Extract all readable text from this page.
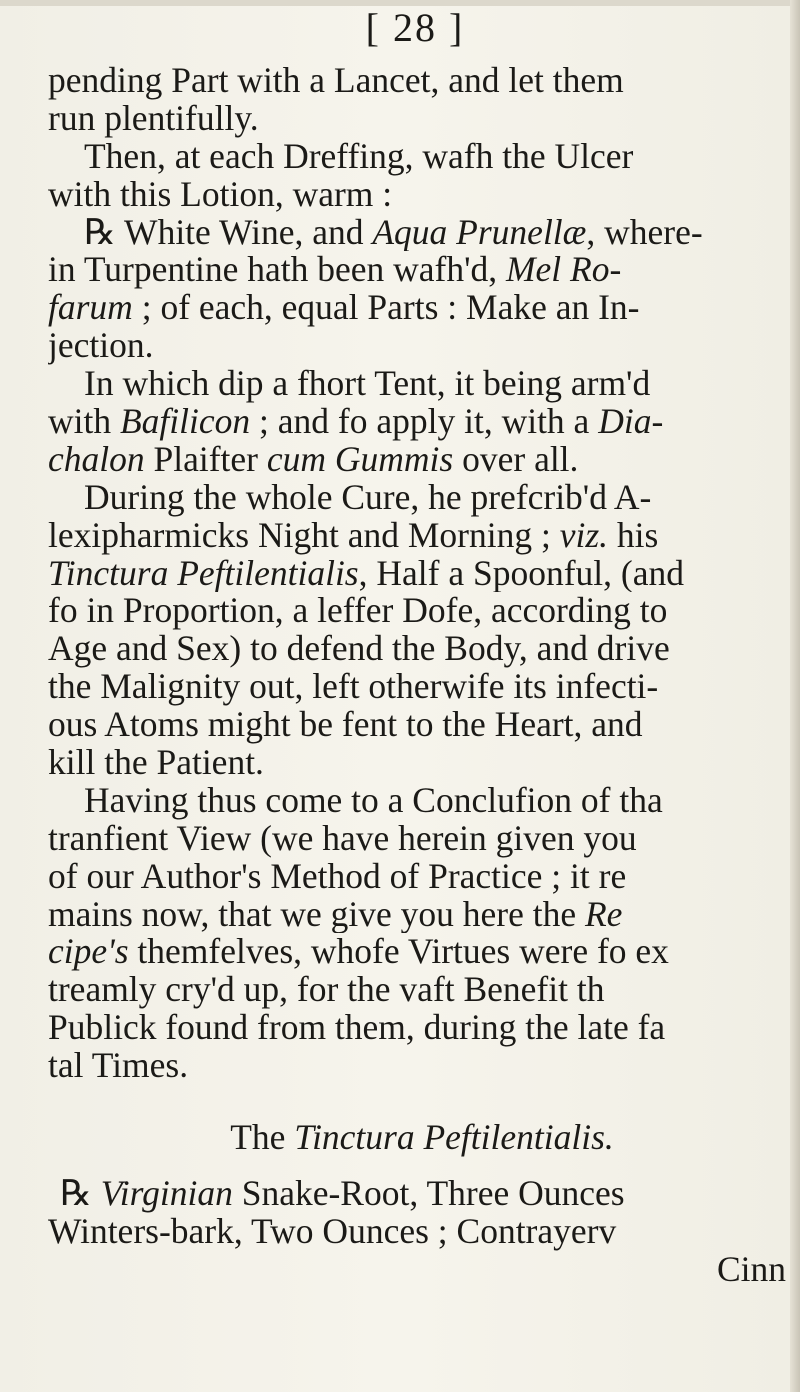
[ 28 ]
pending Part with a Lancet, and let them
run plentifully.
Then, at each Dreffing, wafh the Ulcer
with this Lotion, warm :
℞ White Wine, and Aqua Prunellæ, where-
in Turpentine hath been wafh'd, Mel Ro-
farum ; of each, equal Parts : Make an In-
jection.
In which dip a fhort Tent, it being arm'd
with Bafilicon ; and fo apply it, with a Dia-
chalon Plaifter cum Gummis over all.
During the whole Cure, he prefcrib'd A-
lexipharmicks Night and Morning ; viz. his
Tinctura Peftilentialis, Half a Spoonful, (and
fo in Proportion, a leffer Dofe, according to
Age and Sex) to defend the Body, and drive
the Malignity out, left otherwife its infecti-
ous Atoms might be fent to the Heart, and
kill the Patient.
Having thus come to a Conclufion of tha
tranfient View (we have herein given you
of our Author's Method of Practice ; it re
mains now, that we give you here the Re
cipe's themfelves, whofe Virtues were fo ex
treamly cry'd up, for the vaft Benefit th
Publick found from them, during the late fa
tal Times.
The Tinctura Peftilentialis.
℞ Virginian Snake-Root, Three Ounces
Winters-bark, Two Ounces ; Contrayerv
Cinn
